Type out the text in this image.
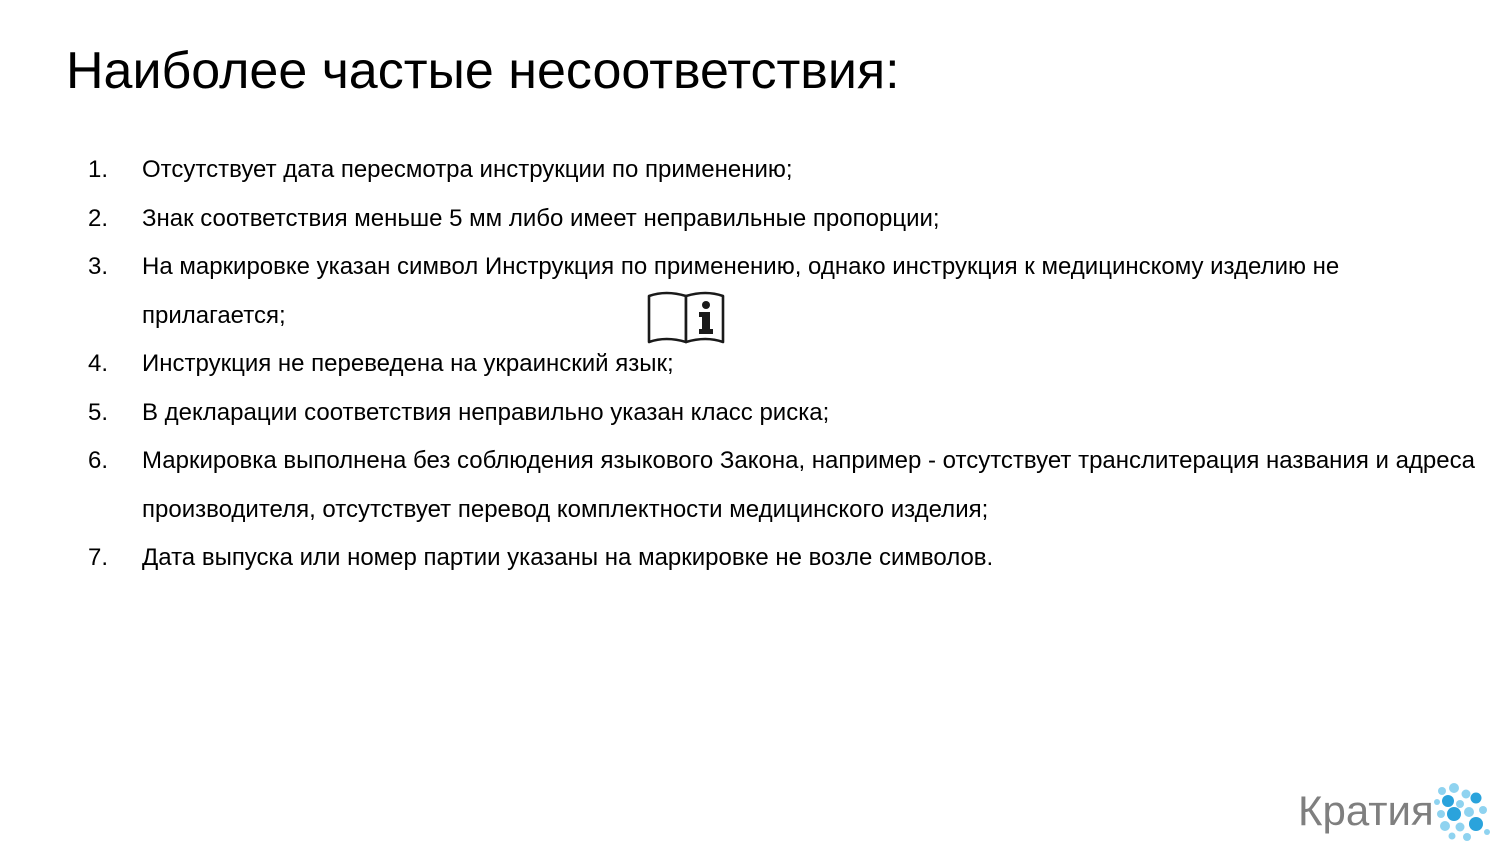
Наиболее частые несоответствия:
1.	Отсутствует дата пересмотра инструкции по применению;
2.	Знак соответствия меньше 5 мм либо имеет неправильные пропорции;
3.	На маркировке указан символ Инструкция по применению, однако инструкция к медицинскому изделию не прилагается;
4.	Инструкция не переведена на украинский язык;
5.	В декларации соответствия неправильно указан класс риска;
6.	Маркировка выполнена без соблюдения языкового Закона, например - отсутствует транслитерация названия и адреса производителя, отсутствует перевод комплектности медицинского изделия;
7.	Дата выпуска или номер партии указаны на маркировке не возле символов.
Кратия
